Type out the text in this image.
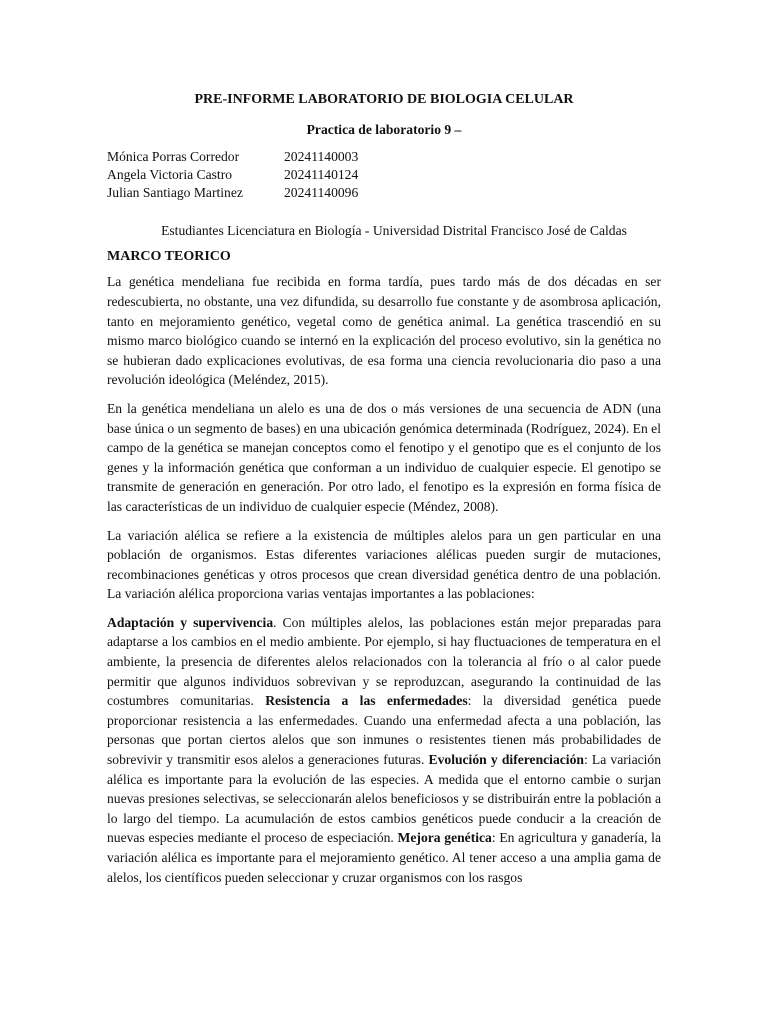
PRE-INFORME LABORATORIO DE BIOLOGIA CELULAR
Practica de laboratorio 9 –
Mónica Porras Corredor	20241140003
Angela Victoria Castro	20241140124
Julian Santiago Martinez	20241140096
Estudiantes Licenciatura en Biología - Universidad Distrital Francisco José de Caldas
MARCO TEORICO

La genética mendeliana fue recibida en forma tardía, pues tardo más de dos décadas en ser redescubierta, no obstante, una vez difundida, su desarrollo fue constante y de asombrosa aplicación, tanto en mejoramiento genético, vegetal como de genética animal. La genética trascendió en su mismo marco biológico cuando se internó en la explicación del proceso evolutivo, sin la genética no se hubieran dado explicaciones evolutivas, de esa forma una ciencia revolucionaria dio paso a una revolución ideológica (Meléndez, 2015).

En la genética mendeliana un alelo es una de dos o más versiones de una secuencia de ADN (una base única o un segmento de bases) en una ubicación genómica determinada (Rodríguez, 2024). En el campo de la genética se manejan conceptos como el fenotipo y el genotipo que es el conjunto de los genes y la información genética que conforman a un individuo de cualquier especie. El genotipo se transmite de generación en generación. Por otro lado, el fenotipo es la expresión en forma física de las características de un individuo de cualquier especie (Méndez, 2008).

La variación alélica se refiere a la existencia de múltiples alelos para un gen particular en una población de organismos. Estas diferentes variaciones alélicas pueden surgir de mutaciones, recombinaciones genéticas y otros procesos que crean diversidad genética dentro de una población. La variación alélica proporciona varias ventajas importantes a las poblaciones:

Adaptación y supervivencia. Con múltiples alelos, las poblaciones están mejor preparadas para adaptarse a los cambios en el medio ambiente. Por ejemplo, si hay fluctuaciones de temperatura en el ambiente, la presencia de diferentes alelos relacionados con la tolerancia al frío o al calor puede permitir que algunos individuos sobrevivan y se reproduzcan, asegurando la continuidad de las costumbres comunitarias. Resistencia a las enfermedades: la diversidad genética puede proporcionar resistencia a las enfermedades. Cuando una enfermedad afecta a una población, las personas que portan ciertos alelos que son inmunes o resistentes tienen más probabilidades de sobrevivir y transmitir esos alelos a generaciones futuras. Evolución y diferenciación: La variación alélica es importante para la evolución de las especies. A medida que el entorno cambie o surjan nuevas presiones selectivas, se seleccionarán alelos beneficiosos y se distribuirán entre la población a lo largo del tiempo. La acumulación de estos cambios genéticos puede conducir a la creación de nuevas especies mediante el proceso de especiación. Mejora genética: En agricultura y ganadería, la variación alélica es importante para el mejoramiento genético. Al tener acceso a una amplia gama de alelos, los científicos pueden seleccionar y cruzar organismos con los rasgos
